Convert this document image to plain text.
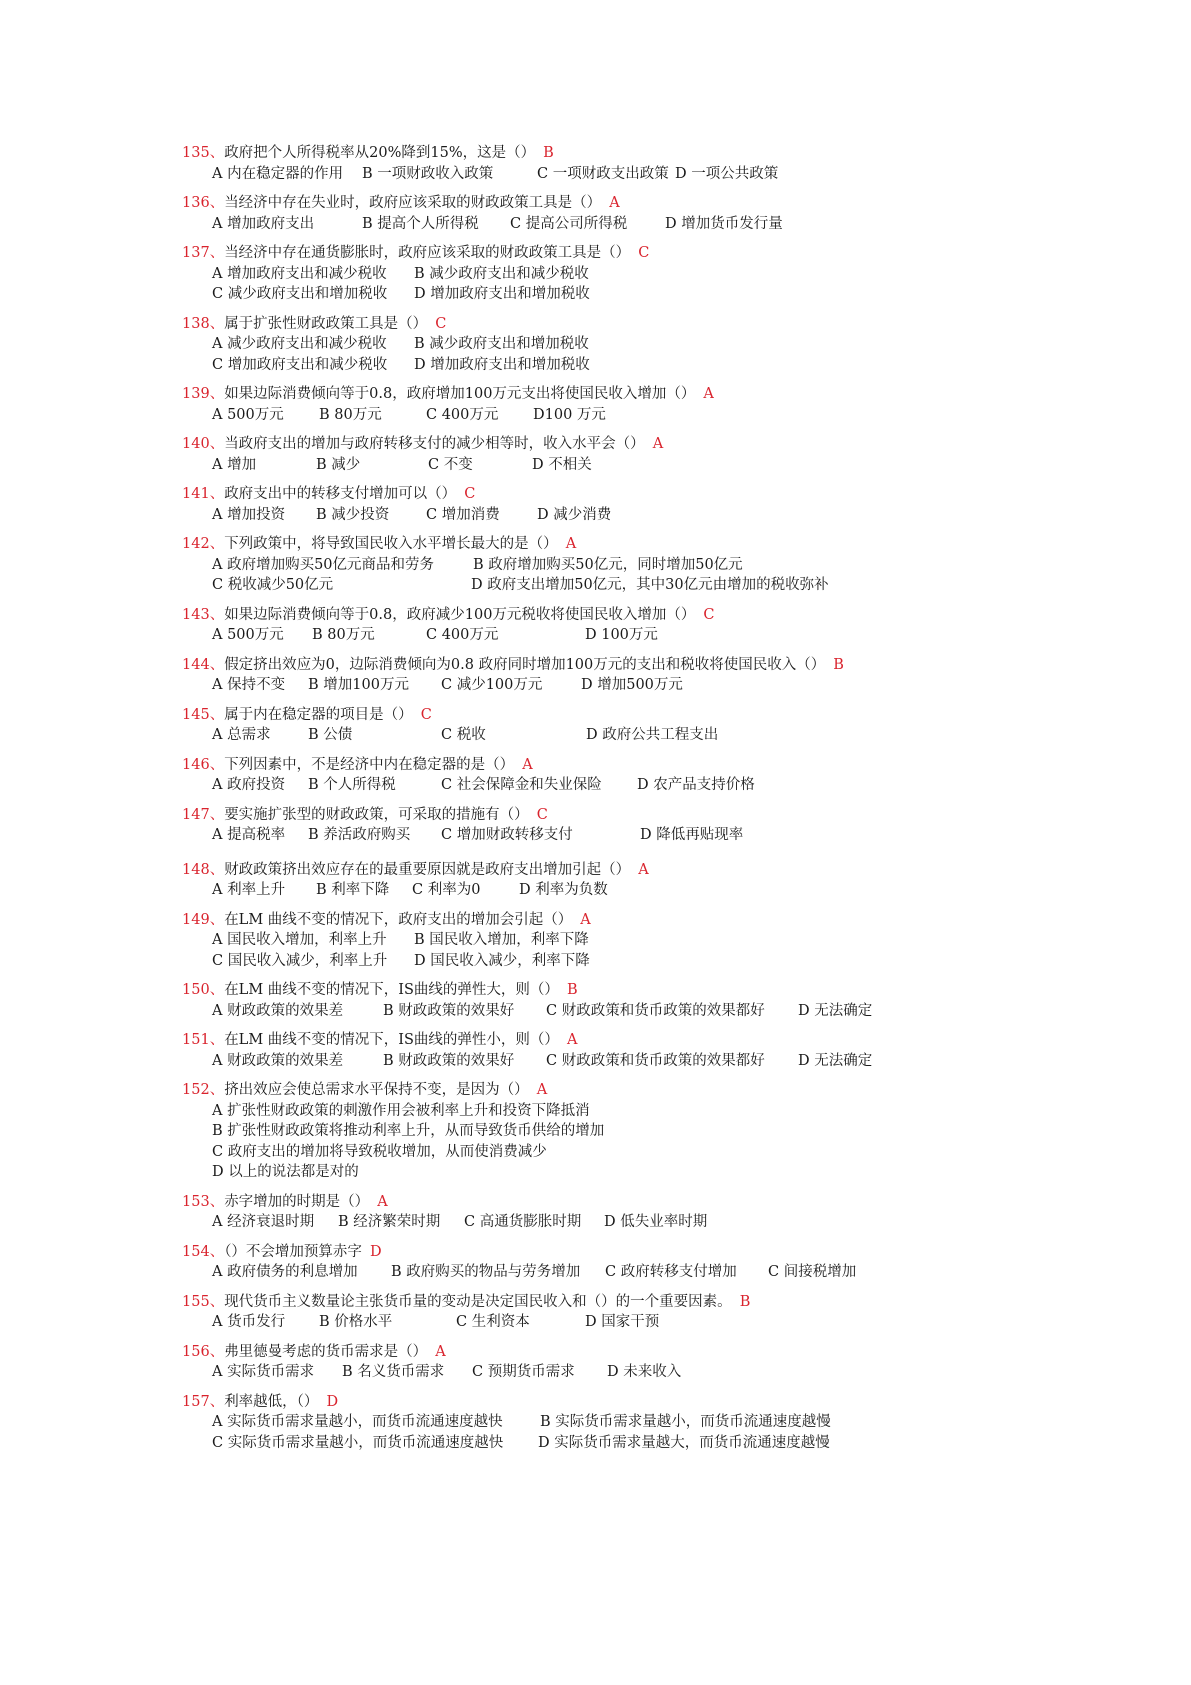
135、政府把个人所得税率从20%降到15%，这是（） B
A 内在稳定器的作用 B 一项财政收入政策	C 一项财政支出政策 D 一项公共政策
136、当经济中存在失业时，政府应该采取的财政政策工具是（） A
A 增加政府支出	B 提高个人所得税 C 提高公司所得税	D 增加货币发行量
137、当经济中存在通货膨胀时，政府应该采取的财政政策工具是（） C
A 增加政府支出和减少税收 B 减少政府支出和减少税收
C 减少政府支出和增加税收 D 增加政府支出和增加税收
138、属于扩张性财政政策工具是（） C
A 减少政府支出和减少税收 B 减少政府支出和增加税收
C 增加政府支出和减少税收 D 增加政府支出和增加税收
139、如果边际消费倾向等于0.8，政府增加100万元支出将使国民收入增加（） A
A 500万元 B 80万元	C 400万元 D100 万元
140、当政府支出的增加与政府转移支付的减少相等时，收入水平会（） A
A 增加	B 减少	C 不变	D 不相关
141、政府支出中的转移支付增加可以（） C
A 增加投资 B 减少投资	C 增加消费	D 减少消费
142、下列政策中，将导致国民收入水平增长最大的是（） A
A 政府增加购买50亿元商品和劳务	B 政府增加购买50亿元，同时增加50亿元
C 税收减少50亿元	D 政府支出增加50亿元，其中30亿元由增加的税收弥补
143、如果边际消费倾向等于0.8，政府减少100万元税收将使国民收入增加（） C
A 500万元 B 80万元	C 400万元	D 100万元
144、假定挤出效应为0，边际消费倾向为0.8 政府同时增加100万元的支出和税收将使国民收入（） B
A 保持不变 B 增加100万元 C 减少100万元	D 增加500万元
145、属于内在稳定器的项目是（） C
A 总需求	B 公债	C 税收	D 政府公共工程支出
146、下列因素中，不是经济中内在稳定器的是（） A
A 政府投资 B 个人所得税	C 社会保障金和失业保险 D 农产品支持价格
147、要实施扩张型的财政政策，可采取的措施有（） C
A 提高税率 B 养活政府购买 C 增加财政转移支付	D 降低再贴现率
148、财政政策挤出效应存在的最重要原因就是政府支出增加引起（） A
A 利率上升 B 利率下降 C 利率为0	D 利率为负数
149、在LM 曲线不变的情况下，政府支出的增加会引起（） A
A 国民收入增加，利率上升 B 国民收入增加，利率下降
C 国民收入减少，利率上升 D 国民收入减少，利率下降
150、在LM 曲线不变的情况下，IS曲线的弹性大，则（） B
A 财政政策的效果差	B 财政政策的效果好 C 财政政策和货币政策的效果都好 D 无法确定
151、在LM 曲线不变的情况下，IS曲线的弹性小，则（） A
A 财政政策的效果差	B 财政政策的效果好 C 财政政策和货币政策的效果都好 D 无法确定
152、挤出效应会使总需求水平保持不变，是因为（） A
A 扩张性财政政策的刺激作用会被利率上升和投资下降抵消
B 扩张性财政政策将推动利率上升，从而导致货币供给的增加
C 政府支出的增加将导致税收增加，从而使消费减少
D 以上的说法都是对的
153、赤字增加的时期是（） A
A 经济衰退时期 B 经济繁荣时期 C 高通货膨胀时期 D 低失业率时期
154、（）不会增加预算赤字 D
A 政府债务的利息增加 B 政府购买的物品与劳务增加 C 政府转移支付增加 C 间接税增加
155、现代货币主义数量论主张货币量的变动是决定国民收入和（）的一个重要因素。 B
A 货币发行 B 价格水平	C 生利资本	D 国家干预
156、弗里德曼考虑的货币需求是（） A
A 实际货币需求 B 名义货币需求 C 预期货币需求 D 未来收入
157、利率越低，（） D
A 实际货币需求量越小，而货币流通速度越快	B 实际货币需求量越小，而货币流通速度越慢
C 实际货币需求量越小，而货币流通速度越快 D 实际货币需求量越大，而货币流通速度越慢
